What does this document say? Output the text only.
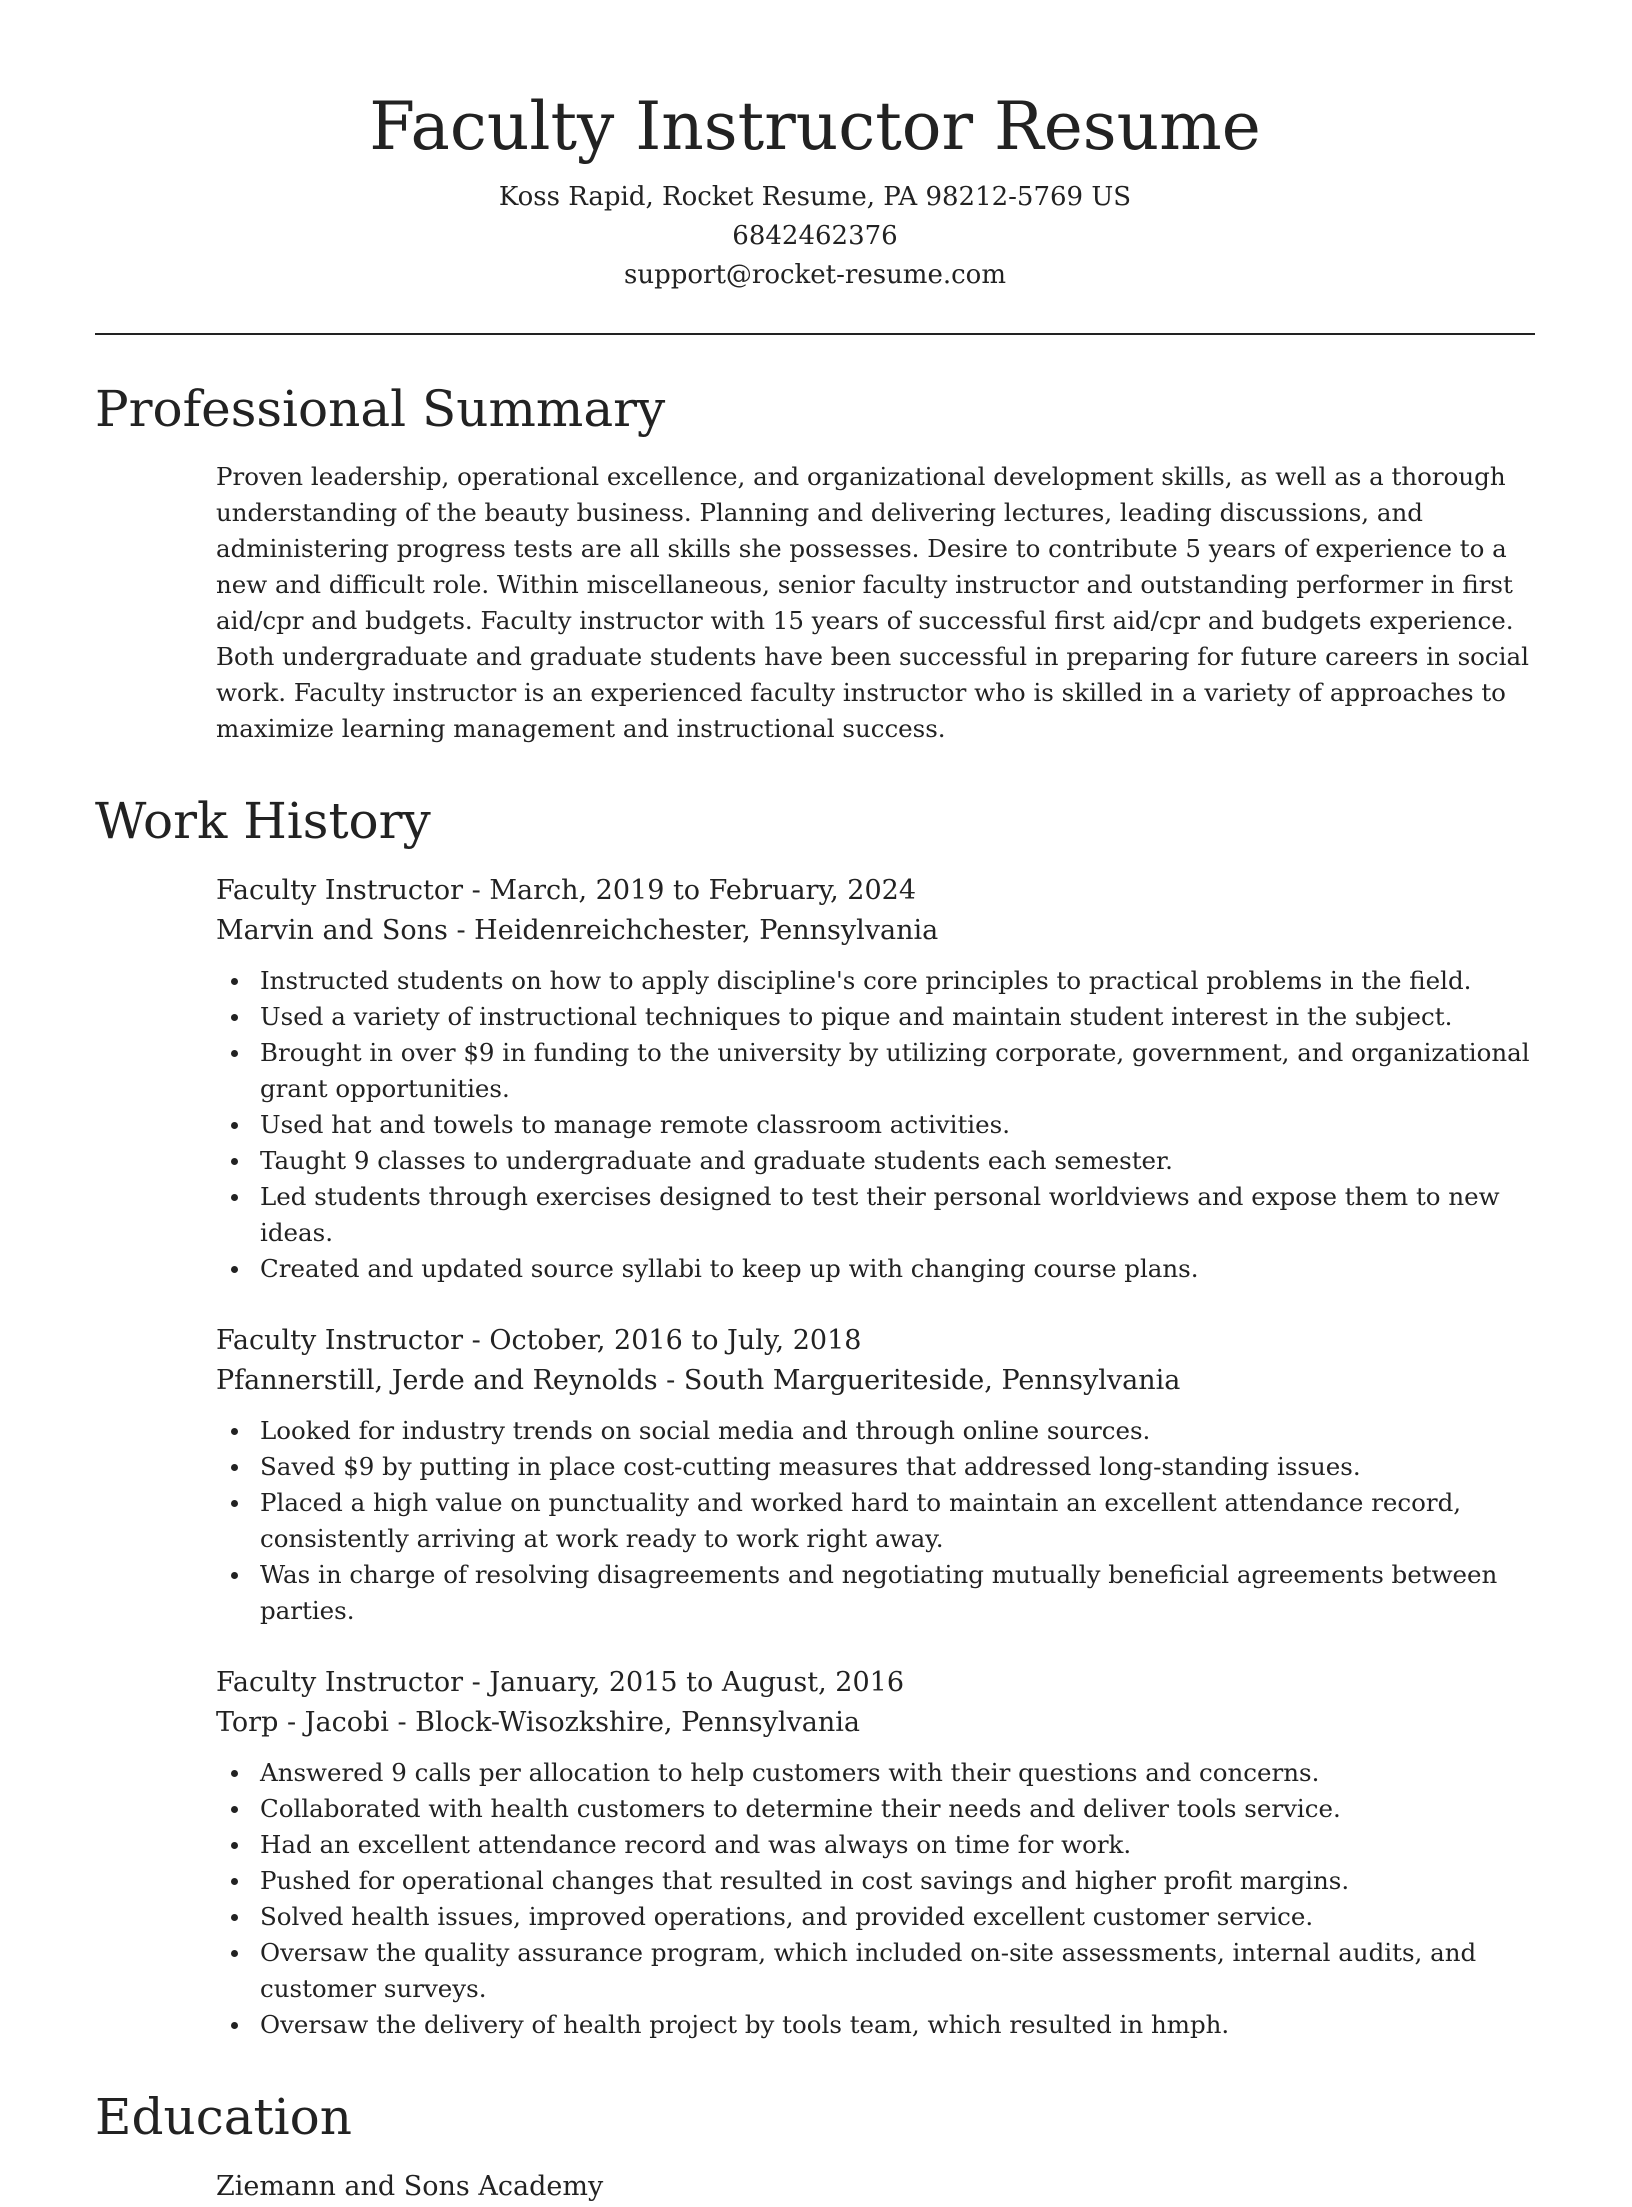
Faculty Instructor Resume
Koss Rapid, Rocket Resume, PA 98212-5769 US
6842462376
support@rocket-resume.com
Professional Summary

Proven leadership, operational excellence, and organizational development skills, as well as a thorough understanding of the beauty business. Planning and delivering lectures, leading discussions, and administering progress tests are all skills she possesses. Desire to contribute 5 years of experience to a new and difficult role. Within miscellaneous, senior faculty instructor and outstanding performer in first aid/cpr and budgets. Faculty instructor with 15 years of successful first aid/cpr and budgets experience. Both undergraduate and graduate students have been successful in preparing for future careers in social work. Faculty instructor is an experienced faculty instructor who is skilled in a variety of approaches to maximize learning management and instructional success.

Work History
Faculty Instructor - March, 2019 to February, 2024
Marvin and Sons - Heidenreichchester, Pennsylvania
Instructed students on how to apply discipline's core principles to practical problems in the field.
Used a variety of instructional techniques to pique and maintain student interest in the subject.
Brought in over $9 in funding to the university by utilizing corporate, government, and organizational grant opportunities.
Used hat and towels to manage remote classroom activities.
Taught 9 classes to undergraduate and graduate students each semester.
Led students through exercises designed to test their personal worldviews and expose them to new ideas.
Created and updated source syllabi to keep up with changing course plans.
Faculty Instructor - October, 2016 to July, 2018
Pfannerstill, Jerde and Reynolds - South Margueriteside, Pennsylvania
Looked for industry trends on social media and through online sources.
Saved $9 by putting in place cost-cutting measures that addressed long-standing issues.
Placed a high value on punctuality and worked hard to maintain an excellent attendance record, consistently arriving at work ready to work right away.
Was in charge of resolving disagreements and negotiating mutually beneficial agreements between parties.
Faculty Instructor - January, 2015 to August, 2016
Torp - Jacobi - Block-Wisozkshire, Pennsylvania
Answered 9 calls per allocation to help customers with their questions and concerns.
Collaborated with health customers to determine their needs and deliver tools service.
Had an excellent attendance record and was always on time for work.
Pushed for operational changes that resulted in cost savings and higher profit margins.
Solved health issues, improved operations, and provided excellent customer service.
Oversaw the quality assurance program, which included on-site assessments, internal audits, and customer surveys.
Oversaw the delivery of health project by tools team, which resulted in hmph.
Education
Ziemann and Sons Academy
